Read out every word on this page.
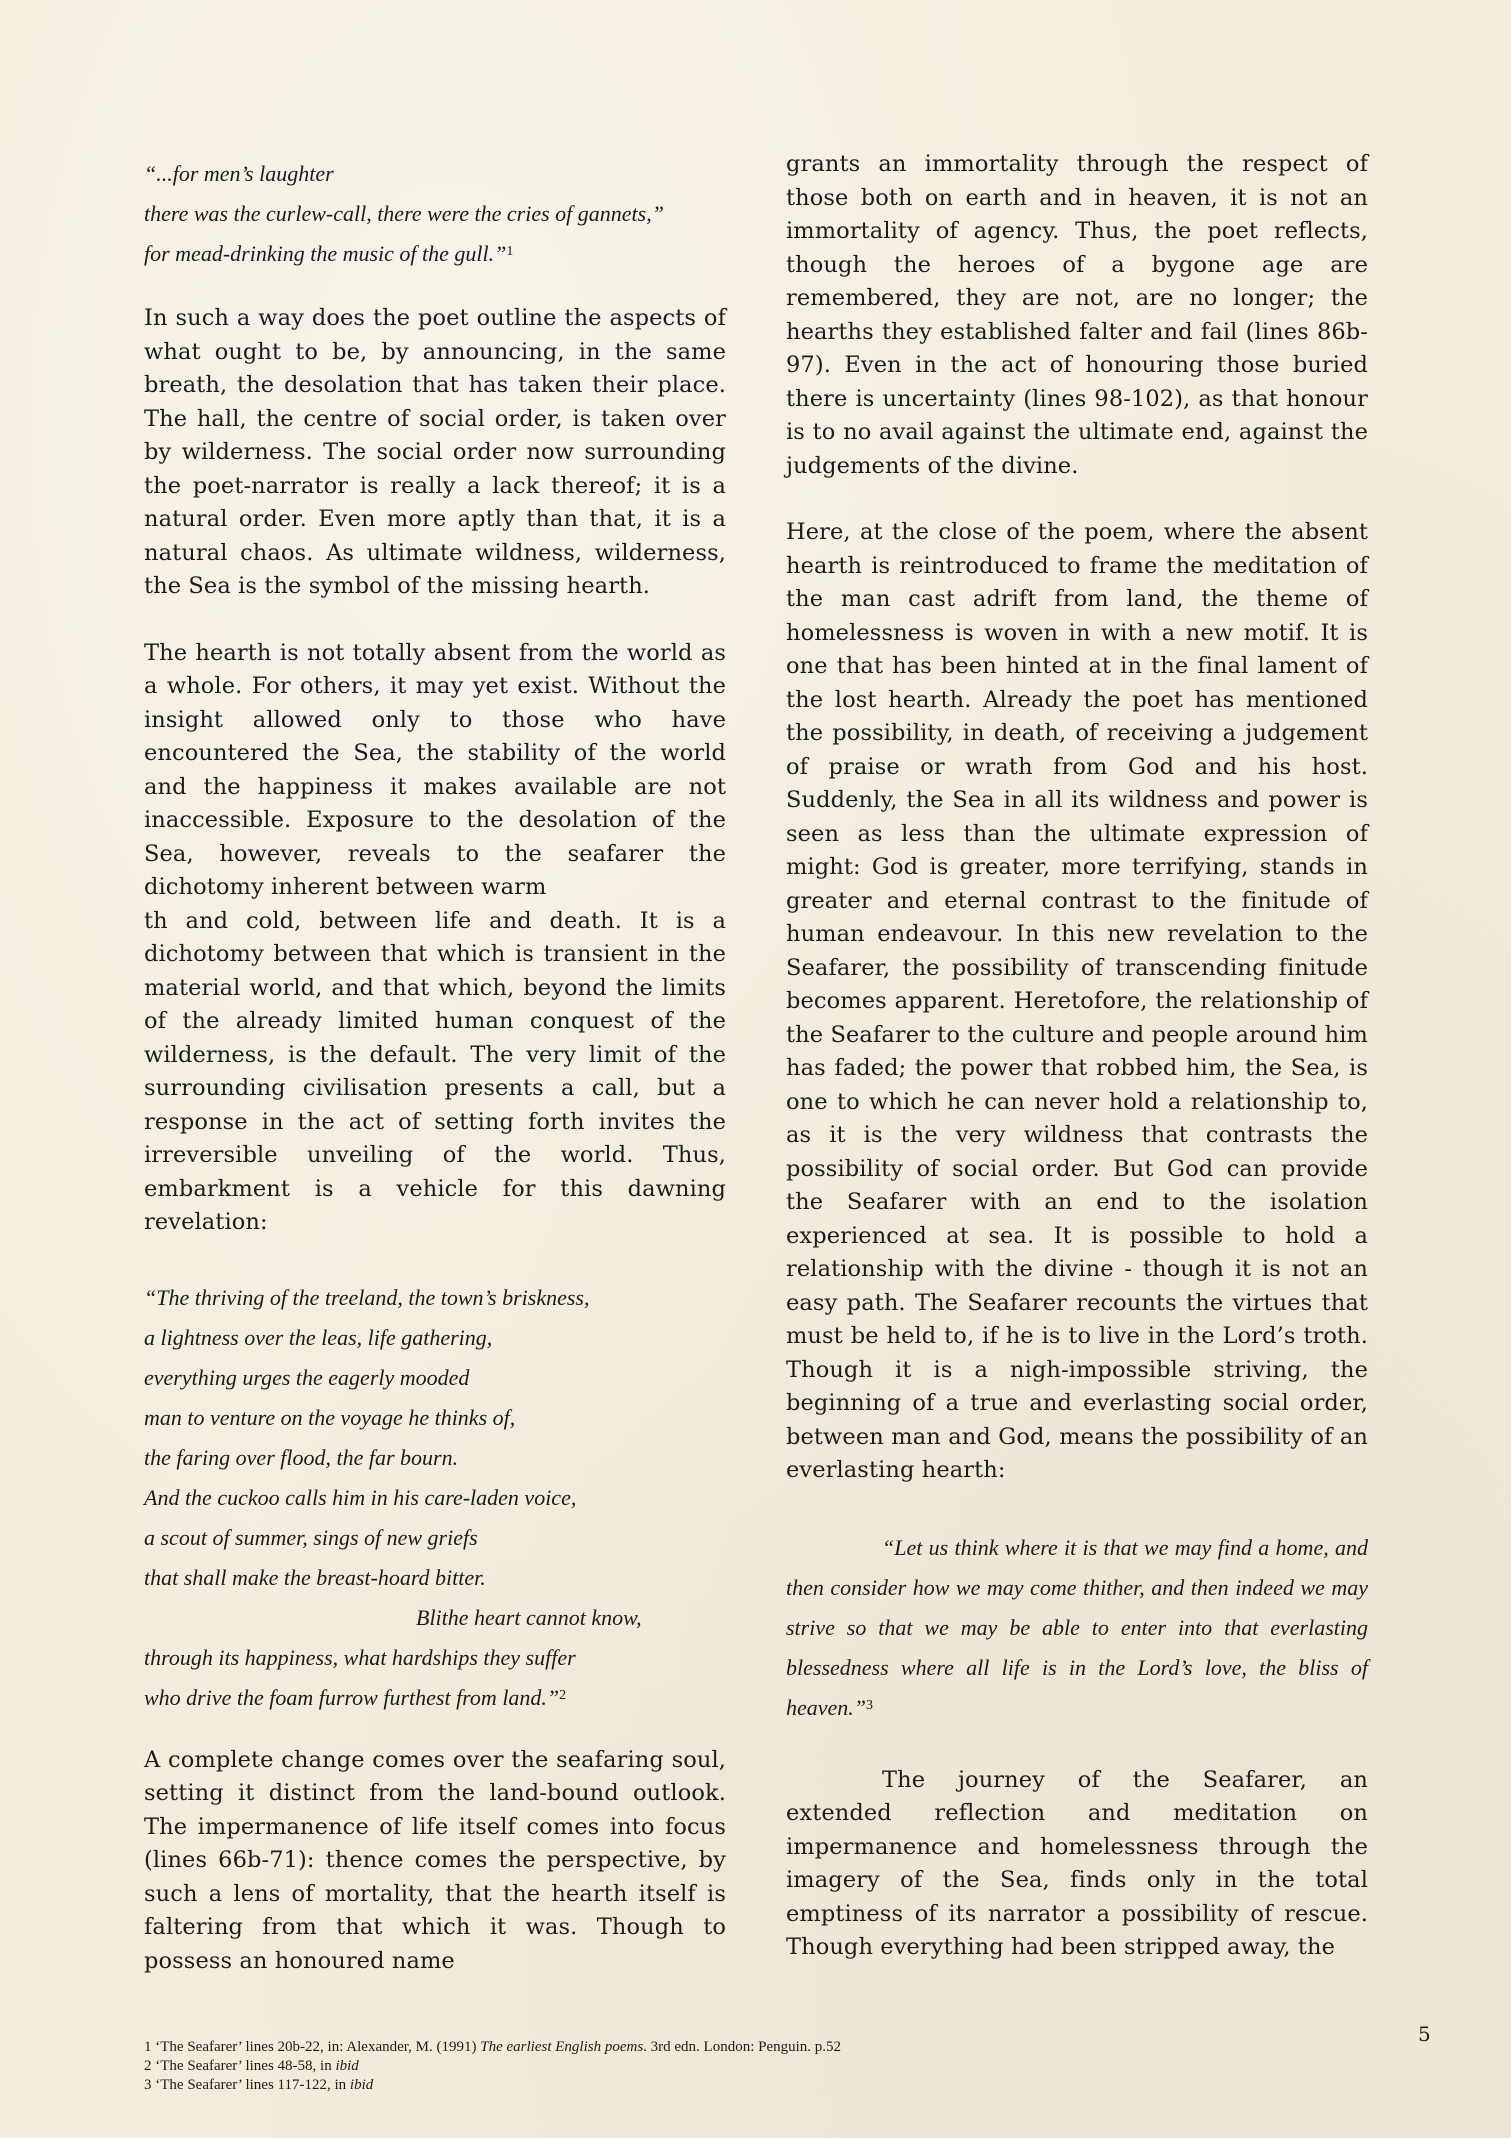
“...for men’s laughter
there was the curlew-call, there were the cries of gannets,”
for mead-drinking the music of the gull.”$^1$

In such a way does the poet outline the aspects of what ought to be, by announcing, in the same breath, the desolation that has taken their place. The hall, the centre of social order, is taken over by wilderness. The social order now surrounding the poet-narrator is really a lack thereof; it is a natural order. Even more aptly than that, it is a natural chaos. As ultimate wildness, wilderness, the Sea is the symbol of the missing hearth.

The hearth is not totally absent from the world as a whole. For others, it may yet exist. Without the insight allowed only to those who have encountered the Sea, the stability of the world and the happiness it makes available are not inaccessible. Exposure to the desolation of the Sea, however, reveals to the seafarer the dichotomy inherent between warm

th and cold, between life and death. It is a dichotomy between that which is transient in the material world, and that which, beyond the limits of the already limited human conquest of the wilderness, is the default. The very limit of the surrounding civilisation presents a call, but a response in the act of setting forth invites the irreversible unveiling of the world. Thus, embarkment is a vehicle for this dawning revelation:

“The thriving of the treeland, the town’s briskness,
a lightness over the leas, life gathering,
everything urges the eagerly mooded
man to venture on the voyage he thinks of,
the faring over flood, the far bourn.
And the cuckoo calls him in his care-laden voice,
a scout of summer, sings of new griefs
that shall make the breast-hoard bitter.
Blithe heart cannot know,
through its happiness, what hardships they suffer
who drive the foam furrow furthest from land.”$^2$

A complete change comes over the seafaring soul, setting it distinct from the land-bound outlook. The impermanence of life itself comes into focus (lines 66b-71): thence comes the perspective, by such a lens of mortality, that the hearth itself is faltering from that which it was. Though to possess an honoured name

grants an immortality through the respect of those both on earth and in heaven, it is not an immortality of agency. Thus, the poet reflects, though the heroes of a bygone age are remembered, they are not, are no longer; the hearths they established falter and fail (lines 86b-97). Even in the act of honouring those buried there is uncertainty (lines 98-102), as that honour is to no avail against the ultimate end, against the judgements of the divine.

Here, at the close of the poem, where the absent hearth is reintroduced to frame the meditation of the man cast adrift from land, the theme of homelessness is woven in with a new motif. It is one that has been hinted at in the final lament of the lost hearth. Already the poet has mentioned the possibility, in death, of receiving a judgement of praise or wrath from God and his host. Suddenly, the Sea in all its wildness and power is seen as less than the ultimate expression of might: God is greater, more terrifying, stands in greater and eternal contrast to the finitude of human endeavour. In this new revelation to the Seafarer, the possibility of transcending finitude becomes apparent. Heretofore, the relationship of the Seafarer to the culture and people around him has faded; the power that robbed him, the Sea, is one to which he can never hold a relationship to, as it is the very wildness that contrasts the possibility of social order. But God can provide the Seafarer with an end to the isolation experienced at sea. It is possible to hold a relationship with the divine - though it is not an easy path. The Seafarer recounts the virtues that must be held to, if he is to live in the Lord’s troth. Though it is a nigh-impossible striving, the beginning of a true and everlasting social order, between man and God, means the possibility of an everlasting hearth:

“Let us think where it is that we may find a home, and then consider how we may come thither, and then indeed we may strive so that we may be able to enter into that everlasting blessedness where all life is in the Lord’s love, the bliss of heaven.”$^3$

The journey of the Seafarer, an extended reflection and meditation on

impermanence and homelessness through the imagery of the Sea, finds only in the total emptiness of its narrator a possibility of rescue. Though everything had been stripped away, the

1 ‘The Seafarer’ lines 20b-22, in: Alexander, M. (1991) The earliest English poems. 3rd edn. London: Penguin. p.52
2 ‘The Seafarer’ lines 48-58, in ibid
3 ‘The Seafarer’ lines 117-122, in ibid
5
